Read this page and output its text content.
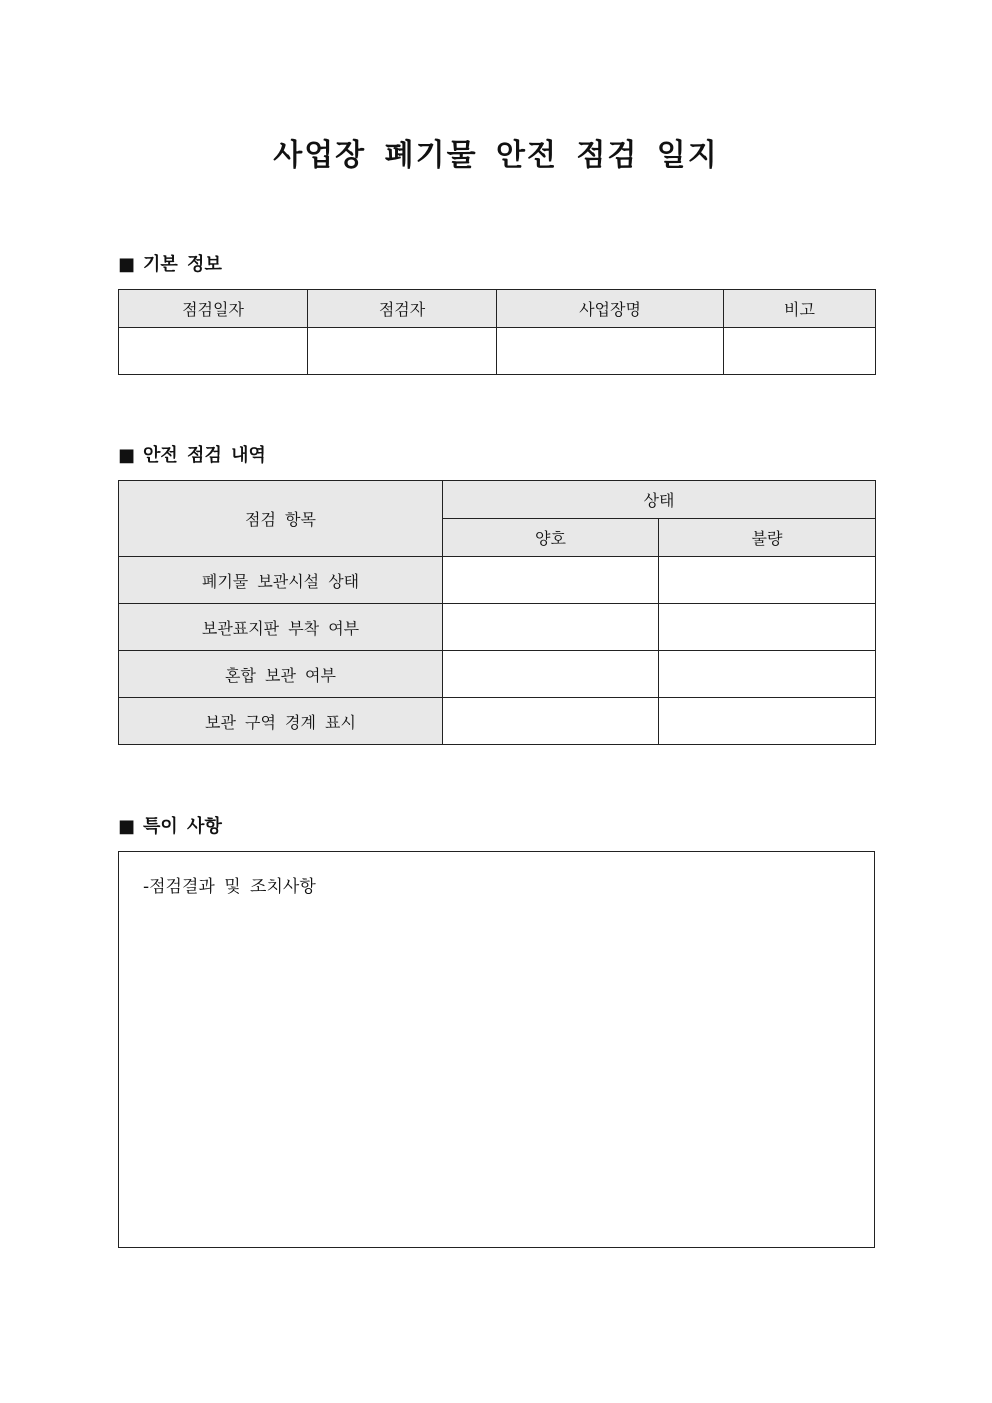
사업장 폐기물 안전 점검 일지
■ 기본 정보
점검일자	점검자	사업장명	비고

■ 안전 점검 내역
점검 항목	상태	
	양호	불량
폐기물 보관시설 상태		
보관표지판 부착 여부		
혼합 보관 여부		
보관 구역 경계 표시		
■ 특이 사항
-점검결과 및 조치사항
